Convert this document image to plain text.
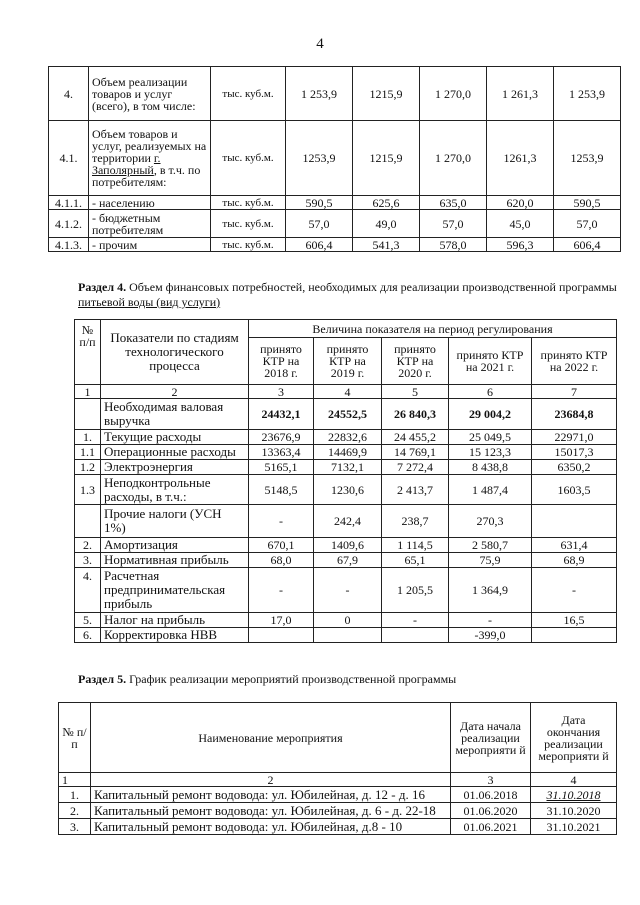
4
4.	Объем реализации товаров и услуг (всего), в том числе:	тыс. куб.м.	1 253,9	1215,9	1 270,0	1 261,3	1 253,9
4.1.	Объем товаров и услуг, реализуемых на территории г. Заполярный, в т.ч. по потребителям:	тыс. куб.м.	1253,9	1215,9	1 270,0	1261,3	1253,9
4.1.1.	- населению	тыс. куб.м.	590,5	625,6	635,0	620,0	590,5
4.1.2.	- бюджетным потребителям	тыс. куб.м.	57,0	49,0	57,0	45,0	57,0
4.1.3.	- прочим	тыс. куб.м.	606,4	541,3	578,0	596,3	606,4
Раздел 4. Объем финансовых потребностей, необходимых для реализации производственной программы питьевой воды (вид услуги)
№ п/п	Показатели по стадиям технологического процесса	Величина показателя на период регулирования				
		принято КТР на 2018 г.	принято КТР на 2019 г.	принято КТР на 2020 г.	принято КТР на 2021 г.	принято КТР на 2022 г.
1	2	3	4	5	6	7
	Необходимая валовая выручка	24432,1	24552,5	26 840,3	29 004,2	23684,8
1.	Текущие расходы	23676,9	22832,6	24 455,2	25 049,5	22971,0
1.1	Операционные расходы	13363,4	14469,9	14 769,1	15 123,3	15017,3
1.2	Электроэнергия	5165,1	7132,1	7 272,4	8 438,8	6350,2
1.3	Неподконтрольные расходы, в т.ч.:	5148,5	1230,6	2 413,7	1 487,4	1603,5
	Прочие налоги (УСН 1%)	-	242,4	238,7	270,3	
2.	Амортизация	670,1	1409,6	1 114,5	2 580,7	631,4
3.	Нормативная прибыль	68,0	67,9	65,1	75,9	68,9
4.	Расчетная предпринимательская прибыль	-	-	1 205,5	1 364,9	-
5.	Налог на прибыль	17,0	0	-	-	16,5
6.	Корректировка НВВ				-399,0	
Раздел 5. График реализации мероприятий производственной программы
№ п/п	Наименование мероприятия	Дата начала реализации мероприяти й	Дата окончания реализации мероприяти й
1	2	3	4
1.	Капитальный ремонт водовода: ул. Юбилейная, д. 12 - д. 16	01.06.2018	31.10.2018
2.	Капитальный ремонт водовода: ул. Юбилейная, д. 6 - д. 22-18	01.06.2020	31.10.2020
3.	Капитальный ремонт водовода: ул. Юбилейная, д.8 - 10	01.06.2021	31.10.2021
